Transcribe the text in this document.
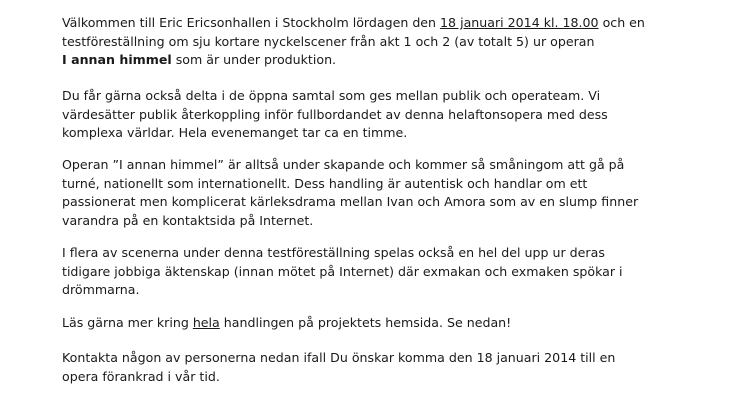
Välkommen till Eric Ericsonhallen i Stockholm lördagen den 18 januari 2014 kl. 18.00 och en
testföreställning om sju kortare nyckelscener från akt 1 och 2 (av totalt 5) ur operan
I annan himmel som är under produktion.

Du får gärna också delta i de öppna samtal som ges mellan publik och operateam. Vi
värdesätter publik återkoppling inför fullbordandet av denna helaftonsopera med dess
komplexa världar. Hela evenemanget tar ca en timme.

Operan ”I annan himmel” är alltså under skapande och kommer så småningom att gå på
turné, nationellt som internationellt. Dess handling är autentisk och handlar om ett
passionerat men komplicerat kärleksdrama mellan Ivan och Amora som av en slump finner
varandra på en kontaktsida på Internet.

I flera av scenerna under denna testföreställning spelas också en hel del upp ur deras
tidigare jobbiga äktenskap (innan mötet på Internet) där exmakan och exmaken spökar i
drömmarna.

Läs gärna mer kring hela handlingen på projektets hemsida. Se nedan!

Kontakta någon av personerna nedan ifall Du önskar komma den 18 januari 2014 till en
opera förankrad i vår tid.
